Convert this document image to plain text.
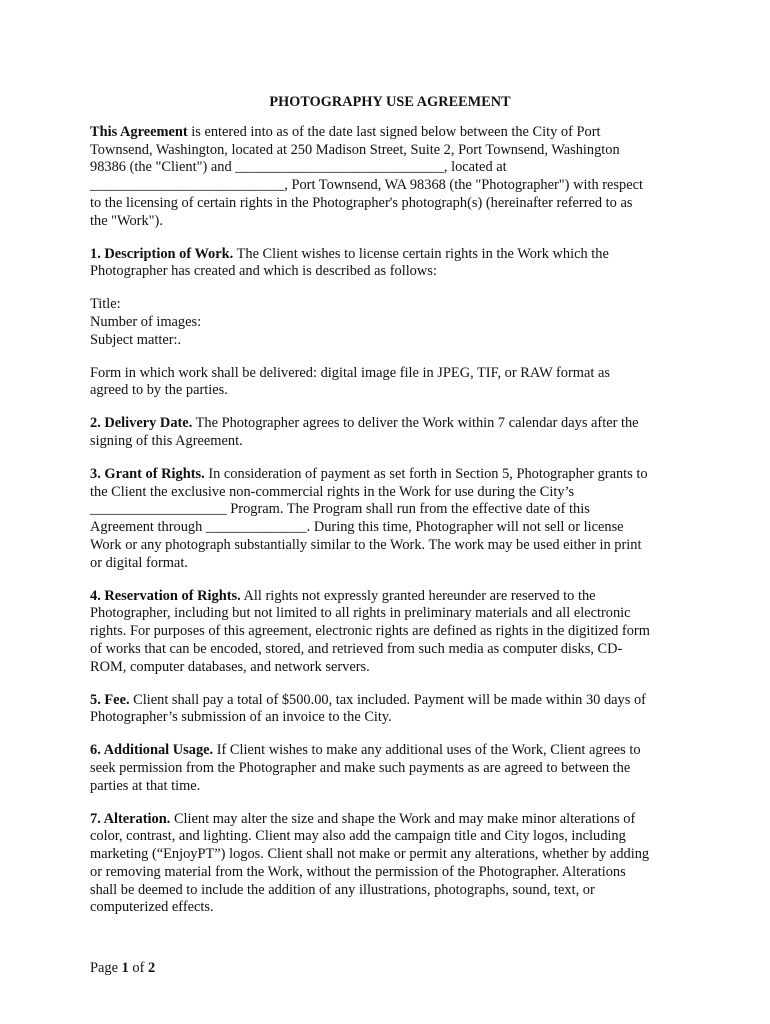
PHOTOGRAPHY USE AGREEMENT
This Agreement is entered into as of the date last signed below between the City of Port
Townsend, Washington, located at 250 Madison Street, Suite 2, Port Townsend, Washington
98386 (the "Client") and _____________________________, located at
___________________________, Port Townsend, WA 98368 (the "Photographer") with respect
to the licensing of certain rights in the Photographer's photograph(s) (hereinafter referred to as
the "Work").
1. Description of Work. The Client wishes to license certain rights in the Work which the
Photographer has created and which is described as follows:
Title:
Number of images:
Subject matter:.
Form in which work shall be delivered: digital image file in JPEG, TIF, or RAW format as
agreed to by the parties.
2. Delivery Date. The Photographer agrees to deliver the Work within 7 calendar days after the
signing of this Agreement.
3. Grant of Rights. In consideration of payment as set forth in Section 5, Photographer grants to
the Client the exclusive non-commercial rights in the Work for use during the City’s
___________________ Program. The Program shall run from the effective date of this
Agreement through ______________. During this time, Photographer will not sell or license
Work or any photograph substantially similar to the Work. The work may be used either in print
or digital format.
4. Reservation of Rights. All rights not expressly granted hereunder are reserved to the
Photographer, including but not limited to all rights in preliminary materials and all electronic
rights. For purposes of this agreement, electronic rights are defined as rights in the digitized form
of works that can be encoded, stored, and retrieved from such media as computer disks, CD-
ROM, computer databases, and network servers.
5. Fee. Client shall pay a total of $500.00, tax included. Payment will be made within 30 days of
Photographer’s submission of an invoice to the City.
6. Additional Usage. If Client wishes to make any additional uses of the Work, Client agrees to
seek permission from the Photographer and make such payments as are agreed to between the
parties at that time.
7. Alteration. Client may alter the size and shape the Work and may make minor alterations of
color, contrast, and lighting. Client may also add the campaign title and City logos, including
marketing (“EnjoyPT”) logos. Client shall not make or permit any alterations, whether by adding
or removing material from the Work, without the permission of the Photographer. Alterations
shall be deemed to include the addition of any illustrations, photographs, sound, text, or
computerized effects.
Page 1 of 2
